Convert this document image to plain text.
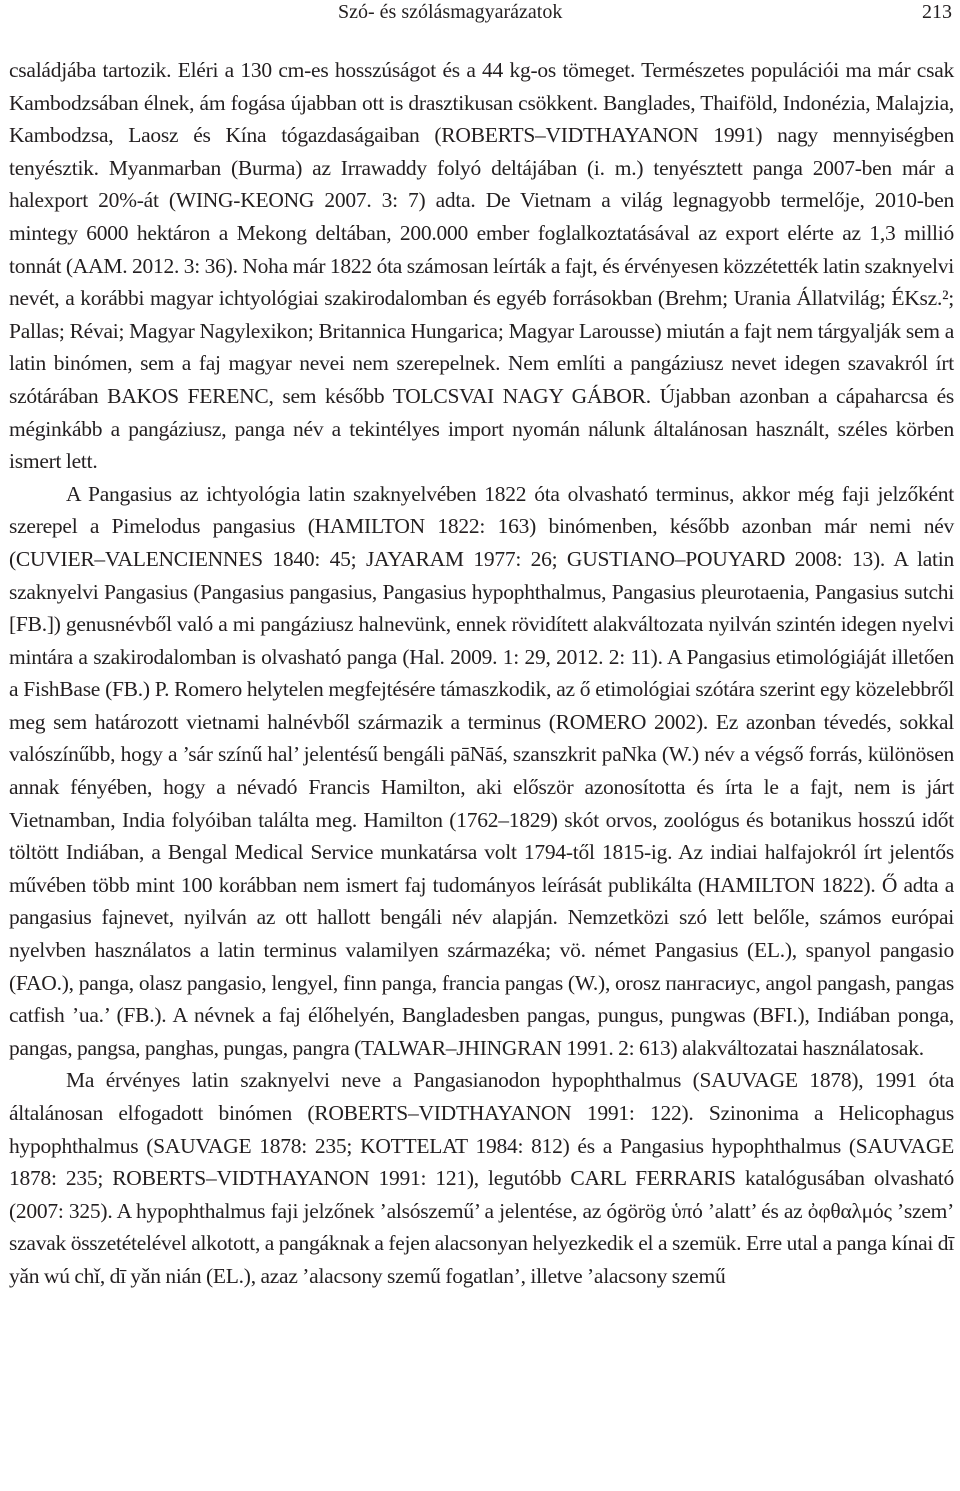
Szó- és szólásmagyarázatok	213

családjába tartozik. Eléri a 130 cm-es hosszúságot és a 44 kg-os tömeget. Természetes populációi ma már csak Kambodzsában élnek, ám fogása újabban ott is drasztikusan csökkent. Banglades, Thaiföld, Indonézia, Malajzia, Kambodzsa, Laosz és Kína tógazdaságaiban (ROBERTS–VIDTHAYANON 1991) nagy mennyiségben tenyésztik. Myanmarban (Burma) az Irrawaddy folyó deltájában (i. m.) tenyésztett panga 2007-ben már a halexport 20%-át (WING-KEONG 2007. 3: 7) adta. De Vietnam a világ legnagyobb termelője, 2010-ben mintegy 6000 hektáron a Mekong deltában, 200.000 ember foglalkoztatásával az export elérte az 1,3 millió tonnát (AAM. 2012. 3: 36). Noha már 1822 óta számosan leírták a fajt, és érvényesen közzétették latin szaknyelvi nevét, a korábbi magyar ichtyológiai szakirodalomban és egyéb forrásokban (Brehm; Urania Állatvilág; ÉKsz.²; Pallas; Révai; Magyar Nagylexikon; Britannica Hungarica; Magyar Larousse) miután a fajt nem tárgyalják sem a latin binómen, sem a faj magyar nevei nem szerepelnek. Nem említi a pangáziusz nevet idegen szavakról írt szótárában BAKOS FERENC, sem később TOLCSVAI NAGY GÁBOR. Újabban azonban a cápaharcsa és méginkább a pangáziusz, panga név a tekintélyes import nyomán nálunk általánosan használt, széles körben ismert lett.

A Pangasius az ichtyológia latin szaknyelvében 1822 óta olvasható terminus, akkor még faji jelzőként szerepel a Pimelodus pangasius (HAMILTON 1822: 163) binómenben, később azonban már nemi név (CUVIER–VALENCIENNES 1840: 45; JAYARAM 1977: 26; GUSTIANO–POUYARD 2008: 13). A latin szaknyelvi Pangasius (Pangasius pangasius, Pangasius hypophthalmus, Pangasius pleurotaenia, Pangasius sutchi [FB.]) genusnévből való a mi pangáziusz halnevünk, ennek rövidített alakváltozata nyilván szintén idegen nyelvi mintára a szakirodalomban is olvasható panga (Hal. 2009. 1: 29, 2012. 2: 11). A Pangasius etimológiáját illetően a FishBase (FB.) P. Romero helytelen megfejtésére támaszkodik, az ő etimológiai szótára szerint egy közelebbről meg sem határozott vietnami halnévből származik a terminus (ROMERO 2002). Ez azonban tévedés, sokkal valószínűbb, hogy a ’sár színű hal’ jelentésű bengáli pāNāś, szanszkrit paNka (W.) név a végső forrás, különösen annak fényében, hogy a névadó Francis Hamilton, aki először azonosította és írta le a fajt, nem is járt Vietnamban, India folyóiban találta meg. Hamilton (1762–1829) skót orvos, zoológus és botanikus hosszú időt töltött Indiában, a Bengal Medical Service munkatársa volt 1794-től 1815-ig. Az indiai halfajokról írt jelentős művében több mint 100 korábban nem ismert faj tudományos leírását publikálta (HAMILTON 1822). Ő adta a pangasius fajnevet, nyilván az ott hallott bengáli név alapján. Nemzetközi szó lett belőle, számos európai nyelvben használatos a latin terminus valamilyen származéka; vö. német Pangasius (EL.), spanyol pangasio (FAO.), panga, olasz pangasio, lengyel, finn panga, francia pangas (W.), orosz пангасиус, angol pangash, pangas catfish ’ua.’ (FB.). A névnek a faj élőhelyén, Bangladesben pangas, pungus, pungwas (BFI.), Indiában ponga, pangas, pangsa, panghas, pungas, pangra (TALWAR–JHINGRAN 1991. 2: 613) alakváltozatai használatosak.

Ma érvényes latin szaknyelvi neve a Pangasianodon hypophthalmus (SAUVAGE 1878), 1991 óta általánosan elfogadott binómen (ROBERTS–VIDTHAYANON 1991: 122). Szinonima a Helicophagus hypophthalmus (SAUVAGE 1878: 235; KOTTELAT 1984: 812) és a Pangasius hypophthalmus (SAUVAGE 1878: 235; ROBERTS–VIDTHAYANON 1991: 121), legutóbb CARL FERRARIS katalógusában olvasható (2007: 325). A hypophthalmus faji jelzőnek ’alsószemű’ a jelentése, az ógörög ὑπό ’alatt’ és az ὀφθαλμός ’szem’ szavak összetételével alkotott, a pangáknak a fejen alacsonyan helyezkedik el a szemük. Erre utal a panga kínai dī yǎn wú chǐ, dī yǎn nián (EL.), azaz ’alacsony szemű fogatlan’, illetve ’alacsony szemű
